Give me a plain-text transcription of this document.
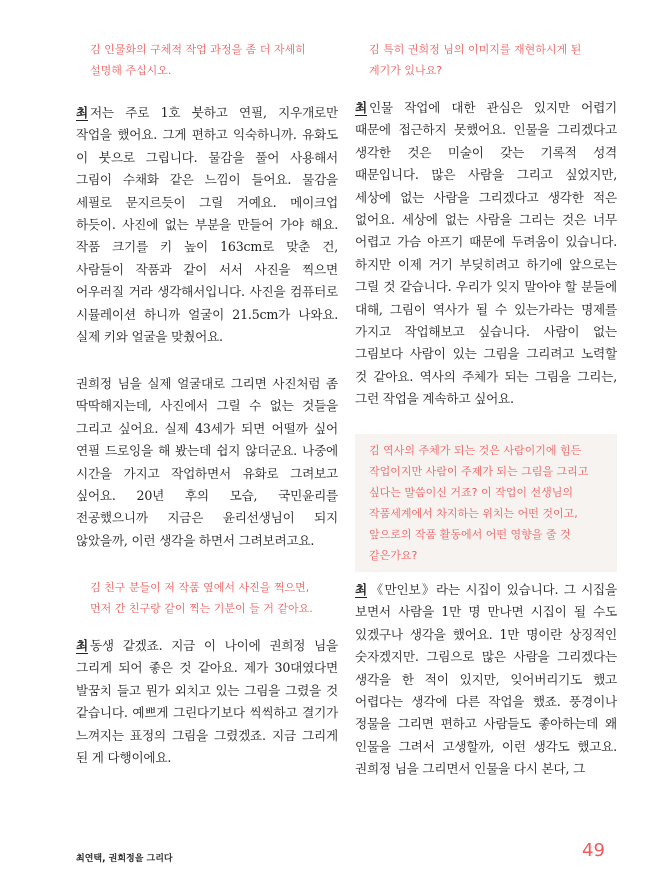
김 인물화의 구체적 작업 과정을 좀 더 자세히 설명해 주십시오.
최 저는 주로 1호 붓하고 연필, 지우개로만 작업을 했어요. 그게 편하고 익숙하니까. 유화도 이 붓으로 그립니다. 물감을 풀어 사용해서 그림이 수채화 같은 느낌이 들어요. 물감을 세필로 문지르듯이 그릴 거예요. 메이크업 하듯이. 사진에 없는 부분을 만들어 가야 해요. 작품 크기를 키 높이 163cm로 맞춘 건, 사람들이 작품과 같이 서서 사진을 찍으면 어우러질 거라 생각해서입니다. 사진을 컴퓨터로 시뮬레이션 하니까 얼굴이 21.5cm가 나와요. 실제 키와 얼굴을 맞췄어요.
권희정 님을 실제 얼굴대로 그리면 사진처럼 좀 딱딱해지는데, 사진에서 그릴 수 없는 것들을 그리고 싶어요. 실제 43세가 되면 어떨까 싶어 연필 드로잉을 해 봤는데 쉽지 않더군요. 나중에 시간을 가지고 작업하면서 유화로 그려보고 싶어요. 20년 후의 모습, 국민윤리를 전공했으니까 지금은 윤리선생님이 되지 않았을까, 이런 생각을 하면서 그려보려고요.
김 친구 분들이 저 작품 옆에서 사진을 찍으면, 먼저 간 친구랑 같이 찍는 기분이 들 거 같아요.
최 동생 같겠죠. 지금 이 나이에 권희정 님을 그리게 되어 좋은 것 같아요. 제가 30대였다면 발꿈치 들고 뭔가 외치고 있는 그림을 그렸을 것 같습니다. 예쁘게 그린다기보다 씩씩하고 결기가 느껴지는 표정의 그림을 그렸겠죠. 지금 그리게 된 게 다행이에요.
김 특히 권희정 님의 이미지를 재현하시게 된 계기가 있나요?
최 인물 작업에 대한 관심은 있지만 어렵기 때문에 접근하지 못했어요. 인물을 그리겠다고 생각한 것은 미술이 갖는 기록적 성격 때문입니다. 많은 사람을 그리고 싶었지만, 세상에 없는 사람을 그리겠다고 생각한 적은 없어요. 세상에 없는 사람을 그리는 것은 너무 어렵고 가슴 아프기 때문에 두려움이 있습니다. 하지만 이제 거기 부딪히려고 하기에 앞으로는 그릴 것 같습니다. 우리가 잊지 말아야 할 분들에 대해, 그림이 역사가 될 수 있는가라는 명제를 가지고 작업해보고 싶습니다. 사람이 없는 그림보다 사람이 있는 그림을 그리려고 노력할 것 같아요. 역사의 주체가 되는 그림을 그리는, 그런 작업을 계속하고 싶어요.
김 역사의 주체가 되는 것은 사람이기에 힘든 작업이지만 사람이 주제가 되는 그림을 그리고 싶다는 말씀이신 거죠? 이 작업이 선생님의 작품세계에서 차지하는 위치는 어떤 것이고, 앞으로의 작품 활동에서 어떤 영향을 줄 것 같은가요?
최 《만인보》라는 시집이 있습니다. 그 시집을 보면서 사람을 1만 명 만나면 시집이 될 수도 있겠구나 생각을 했어요. 1만 명이란 상징적인 숫자겠지만. 그림으로 많은 사람을 그리겠다는 생각을 한 적이 있지만, 잊어버리기도 했고 어렵다는 생각에 다른 작업을 했죠. 풍경이나 정물을 그리면 편하고 사람들도 좋아하는데 왜 인물을 그려서 고생할까, 이런 생각도 했고요. 권희정 님을 그리면서 인물을 다시 본다, 그
최연택, 권희정을 그리다	49
